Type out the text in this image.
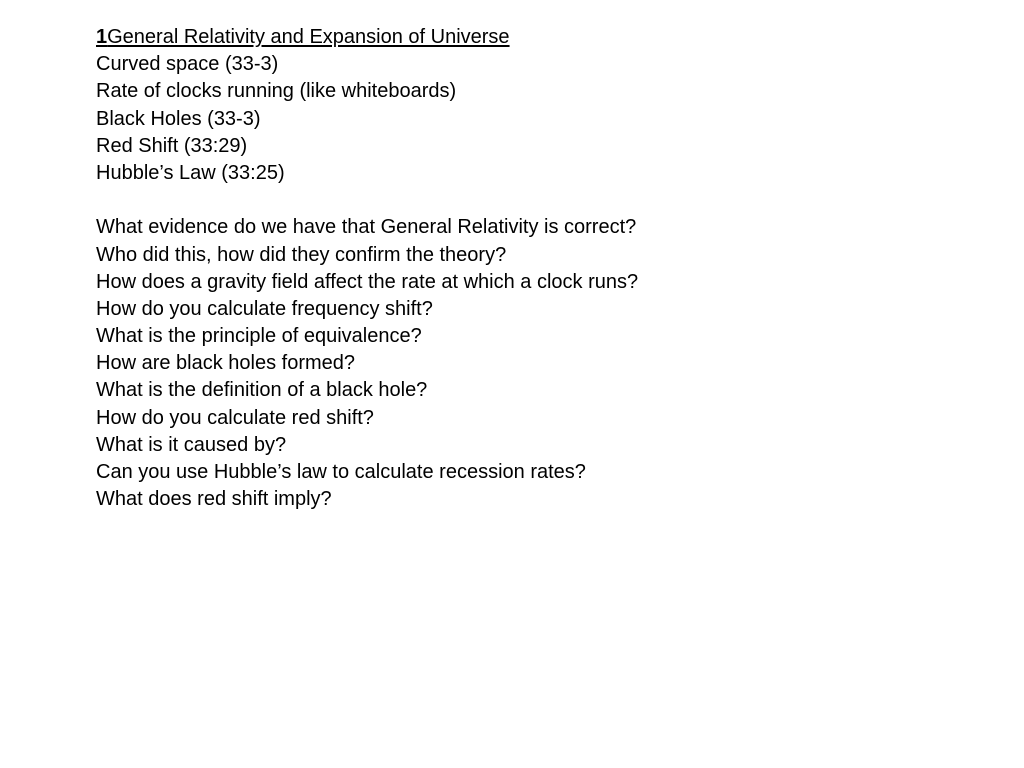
1General Relativity and Expansion of Universe
Curved space (33-3)
Rate of clocks running (like whiteboards)
Black Holes (33-3)
Red Shift (33:29)
Hubble’s Law (33:25)
What evidence do we have that General Relativity is correct?
Who did this, how did they confirm the theory?
How does a gravity field affect the rate at which a clock runs?
How do you calculate frequency shift?
What is the principle of equivalence?
How are black holes formed?
What is the definition of a black hole?
How do you calculate red shift?
What is it caused by?
Can you use Hubble’s law to calculate recession rates?
What does red shift imply?
